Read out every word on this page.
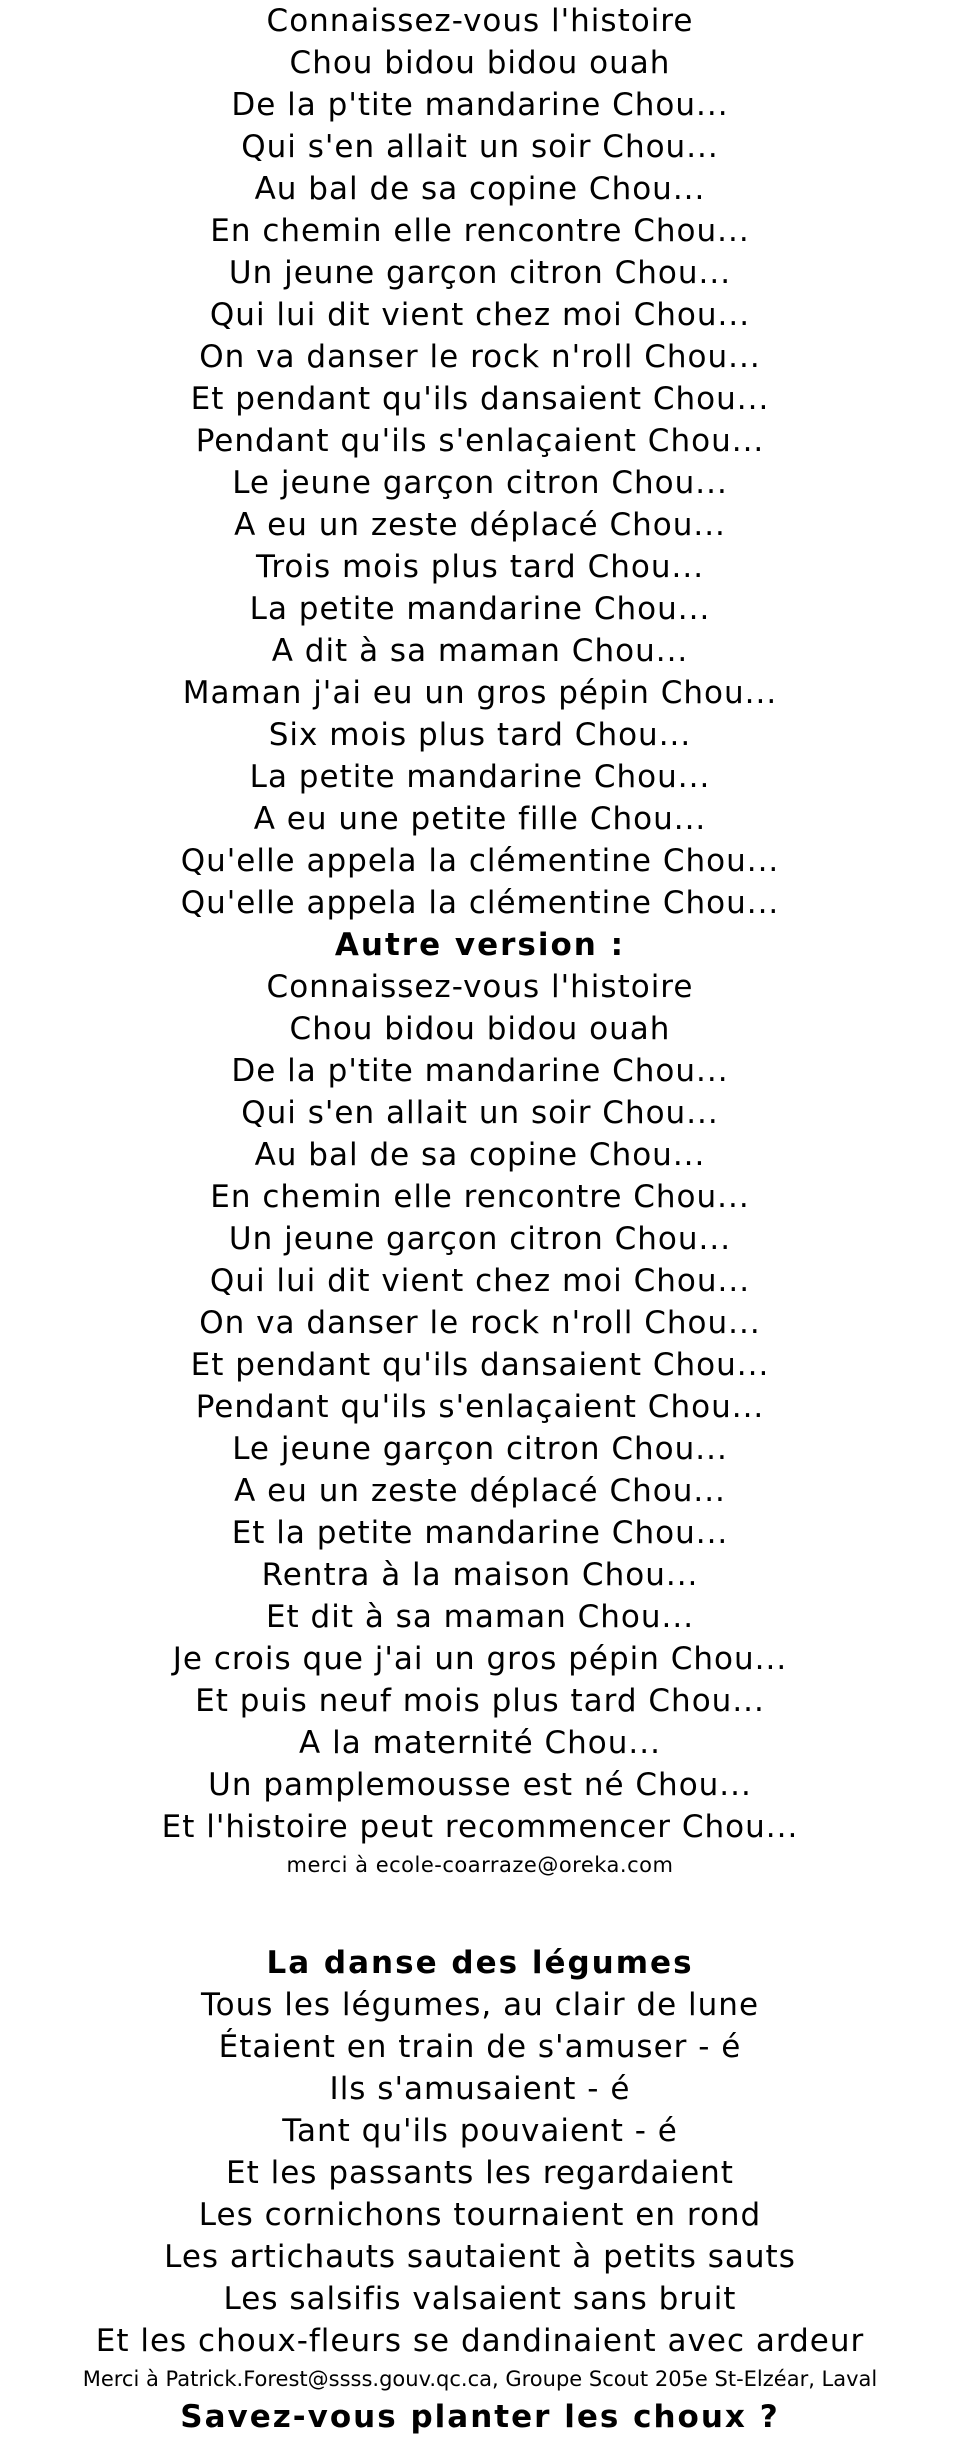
Connaissez-vous l'histoire
Chou bidou bidou ouah
De la p'tite mandarine Chou...
Qui s'en allait un soir Chou...
Au bal de sa copine Chou...
En chemin elle rencontre Chou...
Un jeune garçon citron Chou...
Qui lui dit vient chez moi Chou...
On va danser le rock n'roll Chou...
Et pendant qu'ils dansaient Chou...
Pendant qu'ils s'enlaçaient Chou...
Le jeune garçon citron Chou...
A eu un zeste déplacé Chou...
Trois mois plus tard Chou...
La petite mandarine Chou...
A dit à sa maman Chou...
Maman j'ai eu un gros pépin Chou...
Six mois plus tard Chou...
La petite mandarine Chou...
A eu une petite fille Chou...
Qu'elle appela la clémentine Chou...
Qu'elle appela la clémentine Chou...
Autre version :
Connaissez-vous l'histoire
Chou bidou bidou ouah
De la p'tite mandarine Chou...
Qui s'en allait un soir Chou...
Au bal de sa copine Chou...
En chemin elle rencontre Chou...
Un jeune garçon citron Chou...
Qui lui dit vient chez moi Chou...
On va danser le rock n'roll Chou...
Et pendant qu'ils dansaient Chou...
Pendant qu'ils s'enlaçaient Chou...
Le jeune garçon citron Chou...
A eu un zeste déplacé Chou...
Et la petite mandarine Chou...
Rentra à la maison Chou...
Et dit à sa maman Chou...
Je crois que j'ai un gros pépin Chou...
Et puis neuf mois plus tard Chou...
A la maternité Chou...
Un pamplemousse est né Chou...
Et l'histoire peut recommencer Chou...
merci à ecole-coarraze@oreka.com
La danse des légumes
Tous les légumes, au clair de lune
Étaient en train de s'amuser - é
Ils s'amusaient - é
Tant qu'ils pouvaient - é
Et les passants les regardaient
Les cornichons tournaient en rond
Les artichauts sautaient à petits sauts
Les salsifis valsaient sans bruit
Et les choux-fleurs se dandinaient avec ardeur
Merci à Patrick.Forest@ssss.gouv.qc.ca, Groupe Scout 205e St-Elzéar, Laval
Savez-vous planter les choux ?
